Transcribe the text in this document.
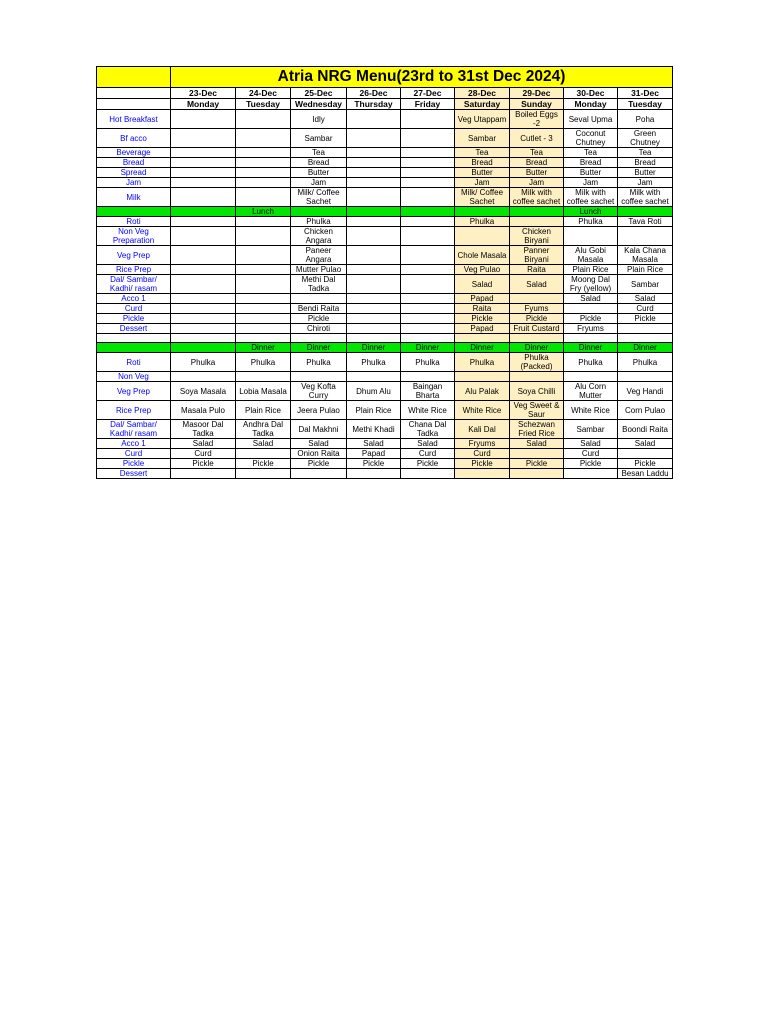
	Atria NRG Menu(23rd to 31st Dec 2024)								
	23-Dec	24-Dec	25-Dec	26-Dec	27-Dec	28-Dec	29-Dec	30-Dec	31-Dec
	Monday	Tuesday	Wednesday	Thursday	Friday	Saturday	Sunday	Monday	Tuesday
Hot Breakfast			Idly			Veg Utappam	Boiled Eggs -2	Seval Upma	Poha
Bf acco			Sambar			Sambar	Cutlet - 3	Coconut Chutney	Green Chutney
Beverage			Tea			Tea	Tea	Tea	Tea
Bread			Bread			Bread	Bread	Bread	Bread
Spread			Butter			Butter	Butter	Butter	Butter
Jam			Jam			Jam	Jam	Jam	Jam
Milk			Milk/ Coffee Sachet			Milk/ Coffee Sachet	Milk with coffee sachet	Milk with coffee sachet	Milk with coffee sachet
		Lunch						Lunch	
Roti			Phulka			Phulka		Phulka	Tava Roti
Non Veg Preparation			Chicken Angara				Chicken Biryani		
Veg Prep			Paneer Angara			Chole Masala	Panner Biryani	Alu Gobi Masala	Kala Chana Masala
Rice Prep			Mutter Pulao			Veg Pulao	Raita	Plain Rice	Plain Rice
Dal/ Sambar/ Kadhi/ rasam			Methi Dal Tadka			Salad	Salad	Moong Dal Fry (yellow)	Sambar
Acco 1						Papad		Salad	Salad
Curd			Bendi Raita			Raita	Fyums		Curd
Pickle			Pickle			Pickle	Pickle	Pickle	Pickle
Dessert			Chiroti			Papad	Fruit Custard	Fryums	

		Dinner	Dinner	Dinner	Dinner	Dinner	Dinner	Dinner	Dinner
Roti	Phulka	Phulka	Phulka	Phulka	Phulka	Phulka	Phulka (Packed)	Phulka	Phulka
Non Veg									
Veg Prep	Soya Masala	Lobia Masala	Veg Kofta Curry	Dhum Alu	Baingan Bharta	Alu Palak	Soya Chilli	Alu Corn Mutter	Veg Handi
Rice Prep	Masala Pulo	Plain Rice	Jeera Pulao	Plain Rice	White Rice	White Rice	Veg Sweet & Saur	White Rice	Corn Pulao
Dal/ Sambar/ Kadhi/ rasam	Masoor Dal Tadka	Andhra Dal Tadka	Dal Makhni	Methi Khadi	Chana Dal Tadka	Kali Dal	Schezwan Fried Rice	Sambar	Boondi Raita
Acco 1	Salad	Salad	Salad	Salad	Salad	Fryums	Salad	Salad	Salad
Curd	Curd		Onion Raita	Papad	Curd	Curd		Curd	
Pickle	Pickle	Pickle	Pickle	Pickle	Pickle	Pickle	Pickle	Pickle	Pickle
Dessert									Besan Laddu
